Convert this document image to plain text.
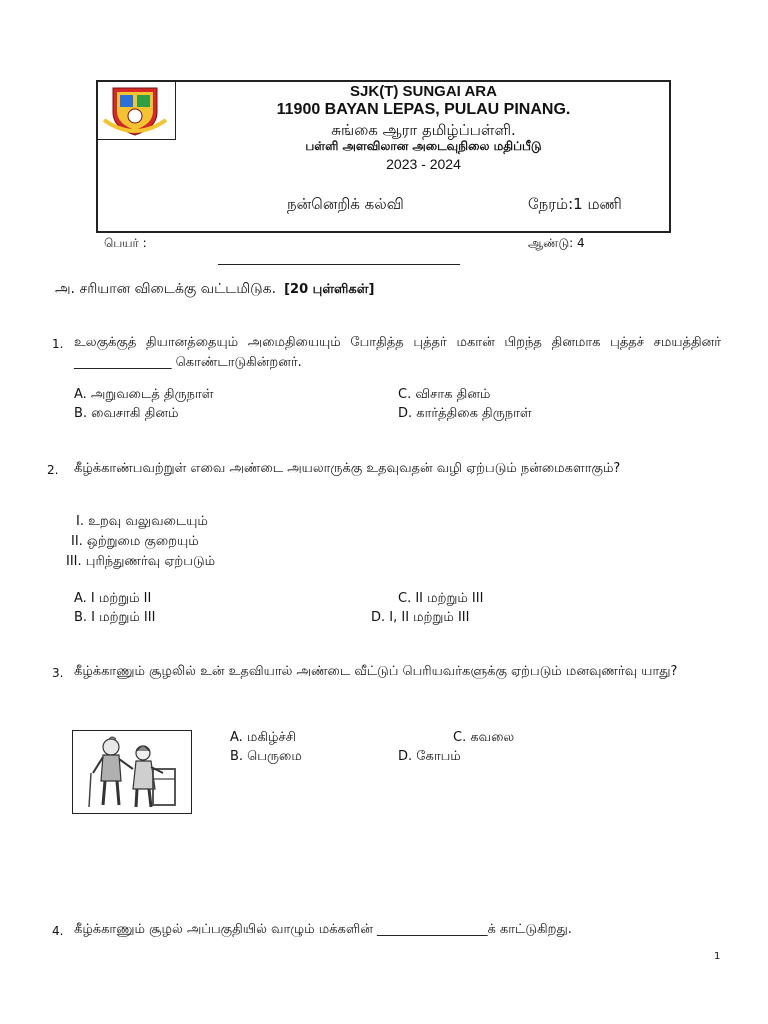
SJK(T) SUNGAI ARA
11900 BAYAN LEPAS, PULAU PINANG.
சுங்கை ஆரா தமிழ்ப்பள்ளி.
பள்ளி அளவிலான அடைவுநிலை மதிப்பீடு
2023 - 2024
நன்னெறிக் கல்வி	நேரம்:1 மணி
பெயர் :	ஆண்டு: 4
அ. சரியான விடைக்கு வட்டமிடுக. [20 புள்ளிகள்]
1. உலகுக்குத் தியானத்தையும் அமைதியையும் போதித்த புத்தர் மகான் பிறந்த தினமாக புத்தச் சமயத்தினர் _______________ கொண்டாடுகின்றனர்.
A. அறுவடைத் திருநாள்
B. வைசாகி தினம்
C. விசாக தினம்
D. கார்த்திகை திருநாள்
2. கீழ்க்காண்பவற்றுள் எவை அண்டை அயலாருக்கு உதவுவதன் வழி ஏற்படும் நன்மைகளாகும்?
I. உறவு வலுவடையும்
II. ஒற்றுமை குறையும்
III. புரிந்துணர்வு ஏற்படும்
A. I மற்றும் II
B. I மற்றும் III
C. II மற்றும் III
D. I, II மற்றும் III
3. கீழ்க்காணும் சூழலில் உன் உதவியால் அண்டை வீட்டுப் பெரியவர்களுக்கு ஏற்படும் மனவுணர்வு யாது?
A. மகிழ்ச்சி
B. பெருமை
C. கவலை
D. கோபம்
4. கீழ்க்காணும் சூழல் அப்பகுதியில் வாழும் மக்களின் _________________க் காட்டுகிறது.
1
